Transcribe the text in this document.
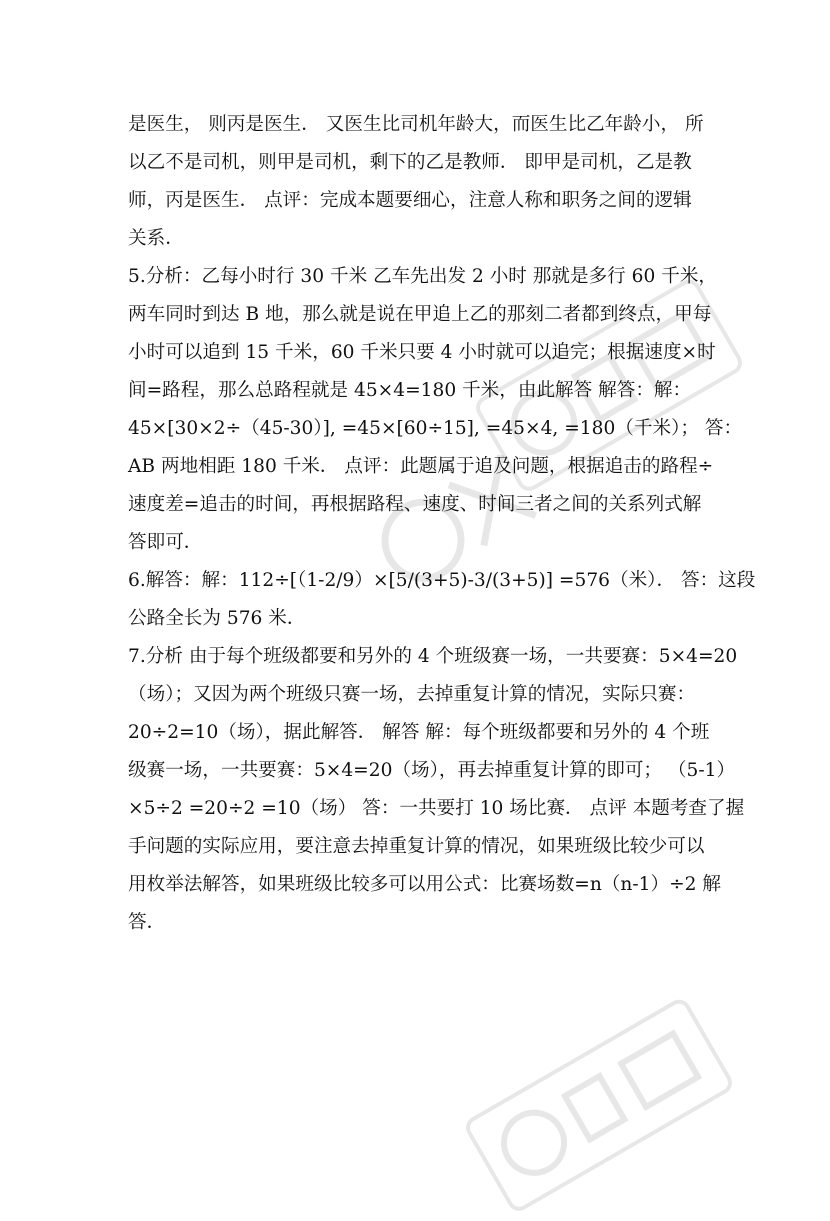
是医生， 则丙是医生． 又医生比司机年龄大，而医生比乙年龄小， 所

以乙不是司机，则甲是司机，剩下的乙是教师． 即甲是司机，乙是教

师，丙是医生． 点评：完成本题要细心，注意人称和职务之间的逻辑

关系．

5.分析：乙每小时行 30 千米 乙车先出发 2 小时 那就是多行 60 千米，

两车同时到达 B 地，那么就是说在甲追上乙的那刻二者都到终点，甲每

小时可以追到 15 千米，60 千米只要 4 小时就可以追完；根据速度×时

间=路程，那么总路程就是 45×4=180 千米，由此解答 解答：解：

45×[30×2÷（45-30）], =45×[60÷15], =45×4, =180（千米）； 答：

AB 两地相距 180 千米． 点评：此题属于追及问题，根据追击的路程÷

速度差=追击的时间，再根据路程、速度、时间三者之间的关系列式解

答即可．

6.解答：解：112÷[（1-2/9）×[5/(3+5)-3/(3+5)] =576（米）． 答：这段

公路全长为 576 米．

7.分析 由于每个班级都要和另外的 4 个班级赛一场，一共要赛：5×4=20

（场）；又因为两个班级只赛一场，去掉重复计算的情况，实际只赛：

20÷2=10（场），据此解答． 解答 解：每个班级都要和另外的 4 个班

级赛一场，一共要赛：5×4=20（场），再去掉重复计算的即可； （5-1）

×5÷2 =20÷2 =10（场） 答：一共要打 10 场比赛． 点评 本题考查了握

手问题的实际应用，要注意去掉重复计算的情况，如果班级比较少可以

用枚举法解答，如果班级比较多可以用公式：比赛场数=n（n-1）÷2 解

答．
